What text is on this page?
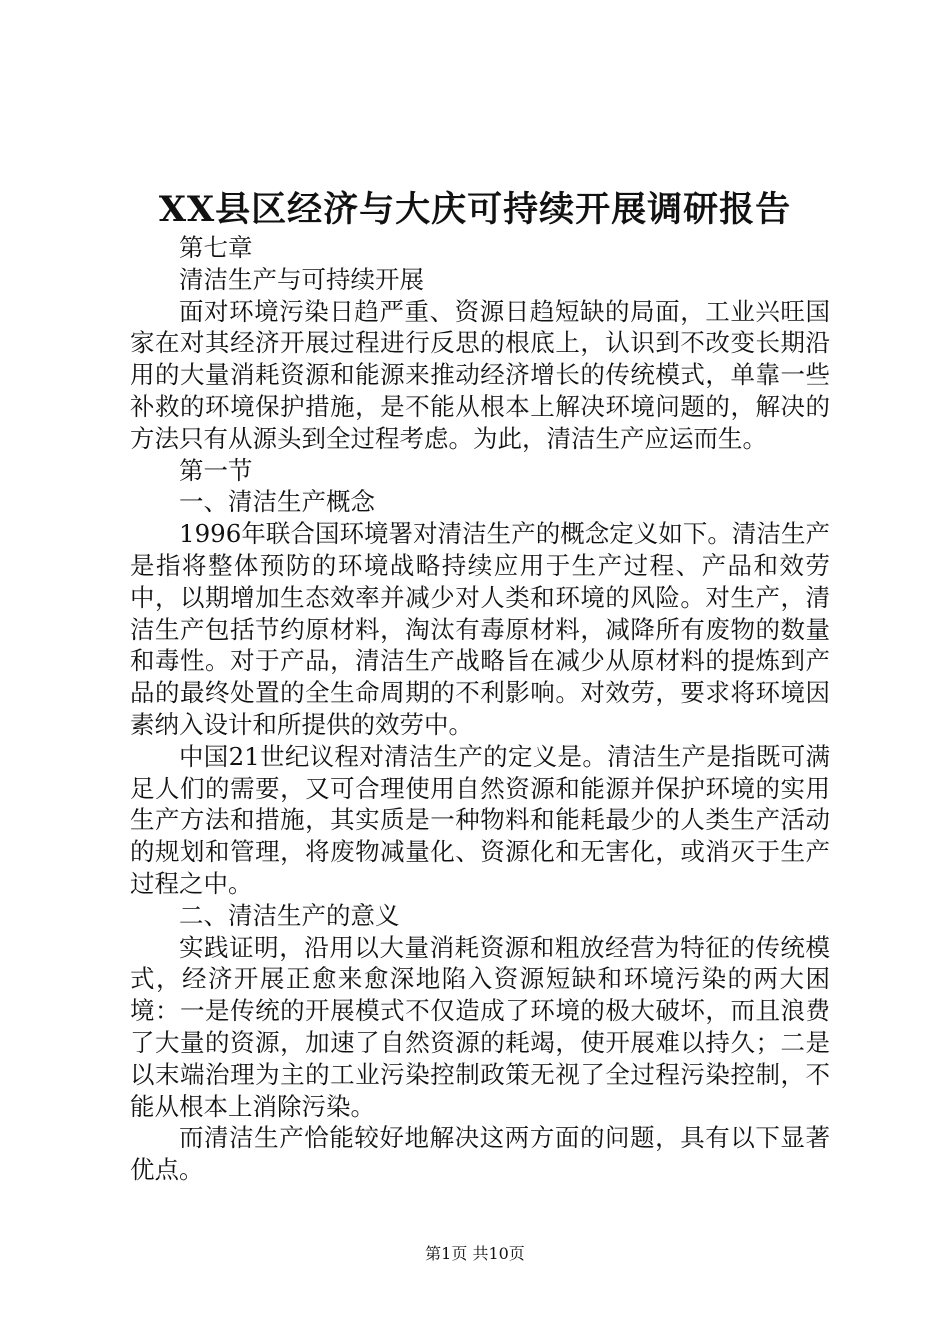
XX县区经济与大庆可持续开展调研报告

第七章

清洁生产与可持续开展

面对环境污染日趋严重、资源日趋短缺的局面，工业兴旺国家在对其经济开展过程进行反思的根底上，认识到不改变长期沿用的大量消耗资源和能源来推动经济增长的传统模式，单靠一些补救的环境保护措施，是不能从根本上解决环境问题的，解决的方法只有从源头到全过程考虑。为此，清洁生产应运而生。

第一节

一、清洁生产概念

1996年联合国环境署对清洁生产的概念定义如下。清洁生产是指将整体预防的环境战略持续应用于生产过程、产品和效劳中，以期增加生态效率并减少对人类和环境的风险。对生产，清洁生产包括节约原材料，淘汰有毒原材料，减降所有废物的数量和毒性。对于产品，清洁生产战略旨在减少从原材料的提炼到产品的最终处置的全生命周期的不利影响。对效劳，要求将环境因素纳入设计和所提供的效劳中。

中国21世纪议程对清洁生产的定义是。清洁生产是指既可满足人们的需要，又可合理使用自然资源和能源并保护环境的实用生产方法和措施，其实质是一种物料和能耗最少的人类生产活动的规划和管理，将废物减量化、资源化和无害化，或消灭于生产过程之中。

二、清洁生产的意义

实践证明，沿用以大量消耗资源和粗放经营为特征的传统模式，经济开展正愈来愈深地陷入资源短缺和环境污染的两大困境：一是传统的开展模式不仅造成了环境的极大破坏，而且浪费了大量的资源，加速了自然资源的耗竭，使开展难以持久；二是以末端治理为主的工业污染控制政策无视了全过程污染控制，不能从根本上消除污染。

而清洁生产恰能较好地解决这两方面的问题，具有以下显著优点。

第1页 共10页
